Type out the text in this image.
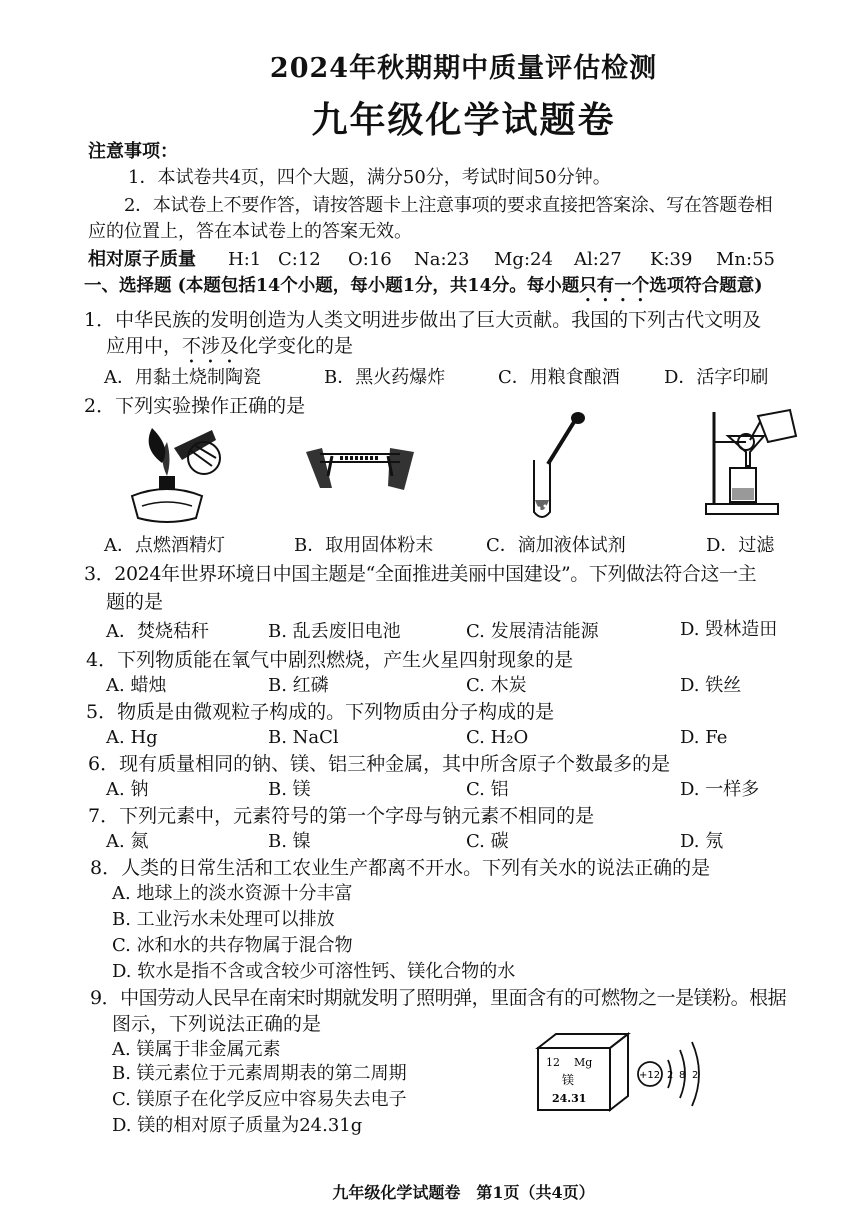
2024年秋期期中质量评估检测
九年级化学试题卷
注意事项：
1．本试卷共4页，四个大题，满分50分，考试时间50分钟。
2．本试卷上不要作答，请按答题卡上注意事项的要求直接把答案涂、写在答题卷相
应的位置上，答在本试卷上的答案无效。
相对原子质量 H:1 C:12 O:16 Na:23 Mg:24 Al:27 K:39 Mn:55
一、选择题 (本题包括14个小题，每小题1分，共14分。每小题只有一个选项符合题意)
1．中华民族的发明创造为人类文明进步做出了巨大贡献。我国的下列古代文明及
应用中，不涉及化学变化的是
A．用黏土烧制陶瓷	B．黑火药爆炸	C．用粮食酿酒 D．活字印刷
2．下列实验操作正确的是
A．点燃酒精灯	B．取用固体粉末	C．滴加液体试剂	D．过滤
3．2024年世界环境日中国主题是“全面推进美丽中国建设”。下列做法符合这一主
题的是
A．焚烧秸秆	B. 乱丢废旧电池	C. 发展清洁能源	D. 毁林造田
4．下列物质能在氧气中剧烈燃烧，产生火星四射现象的是
A. 蜡烛	B. 红磷	C. 木炭	D. 铁丝
5．物质是由微观粒子构成的。下列物质由分子构成的是
A. Hg	B. NaCl	C. H₂O	D. Fe
6．现有质量相同的钠、镁、铝三种金属，其中所含原子个数最多的是
A. 钠	B. 镁	C. 铝	D. 一样多
7．下列元素中，元素符号的第一个字母与钠元素不相同的是
A. 氮	B. 镍	C. 碳	D. 氖
8．人类的日常生活和工农业生产都离不开水。下列有关水的说法正确的是
A. 地球上的淡水资源十分丰富
B. 工业污水未处理可以排放
C. 冰和水的共存物属于混合物
D. 软水是指不含或含较少可溶性钙、镁化合物的水
9．中国劳动人民早在南宋时期就发明了照明弹，里面含有的可燃物之一是镁粉。根据
图示，下列说法正确的是
A. 镁属于非金属元素
B. 镁元素位于元素周期表的第二周期
C. 镁原子在化学反应中容易失去电子
D. 镁的相对原子质量为24.31g
12 Mg
镁
24.31
+12 2 8 2
九年级化学试题卷　第1页（共4页）
